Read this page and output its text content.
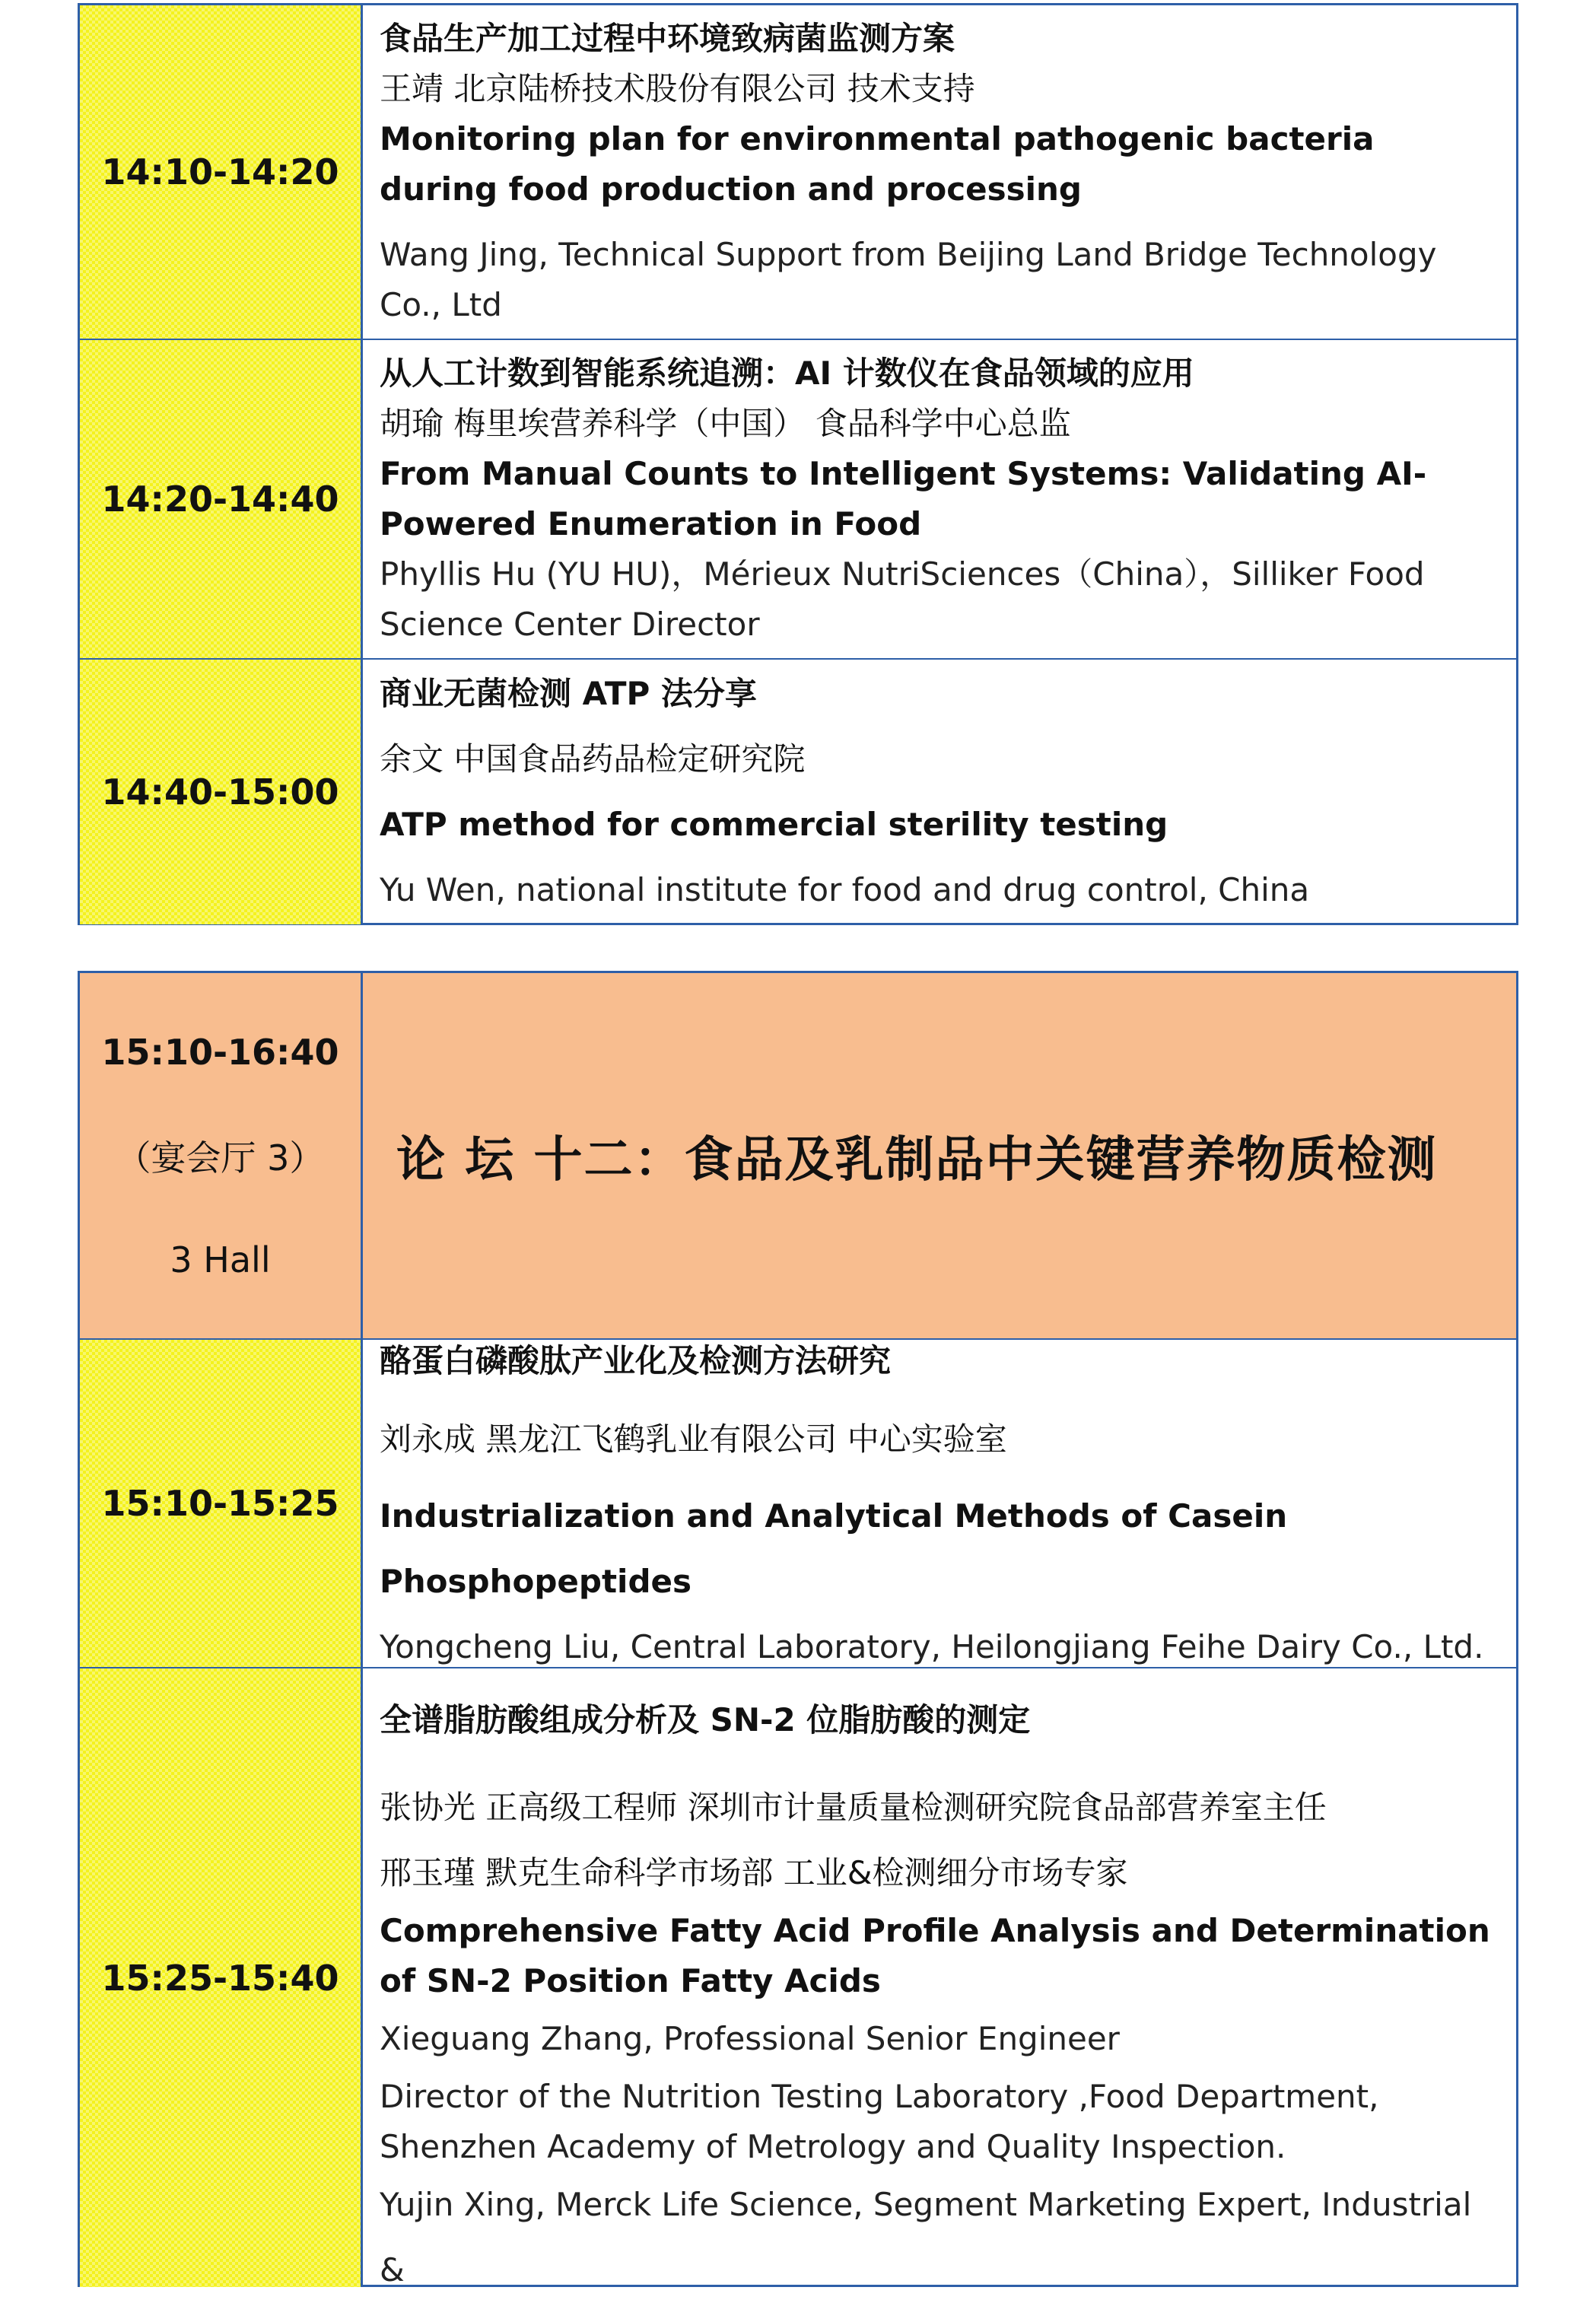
14:10-14:20

食品生产加工过程中环境致病菌监测方案

王靖 北京陆桥技术股份有限公司 技术支持

Monitoring plan for environmental pathogenic bacteria during food production and processing

Wang Jing, Technical Support from Beijing Land Bridge Technology Co., Ltd

14:20-14:40

从人工计数到智能系统追溯：AI 计数仪在食品领域的应用

胡瑜 梅里埃营养科学（中国） 食品科学中心总监

From Manual Counts to Intelligent Systems: Validating AI-Powered Enumeration in Food

Phyllis Hu (YU HU)，Mérieux NutriSciences（China），Silliker Food Science Center Director

14:40-15:00

商业无菌检测 ATP 法分享

余文 中国食品药品检定研究院

ATP method for commercial sterility testing

Yu Wen, national institute for food and drug control, China

15:10-16:40
（宴会厅 3）
3 Hall

论 坛 十二：食品及乳制品中关键营养物质检测

15:10-15:25

酪蛋白磷酸肽产业化及检测方法研究

刘永成 黑龙江飞鹤乳业有限公司 中心实验室

Industrialization and Analytical Methods of Casein Phosphopeptides

Yongcheng Liu, Central Laboratory, Heilongjiang Feihe Dairy Co., Ltd.

15:25-15:40

全谱脂肪酸组成分析及 SN-2 位脂肪酸的测定

张协光 正高级工程师 深圳市计量质量检测研究院食品部营养室主任

邢玉瑾 默克生命科学市场部 工业&检测细分市场专家

Comprehensive Fatty Acid Profile Analysis and Determination of SN-2 Position Fatty Acids

Xieguang Zhang, Professional Senior Engineer

Director of the Nutrition Testing Laboratory ,Food Department, Shenzhen Academy of Metrology and Quality Inspection.

Yujin Xing, Merck Life Science, Segment Marketing Expert, Industrial &
